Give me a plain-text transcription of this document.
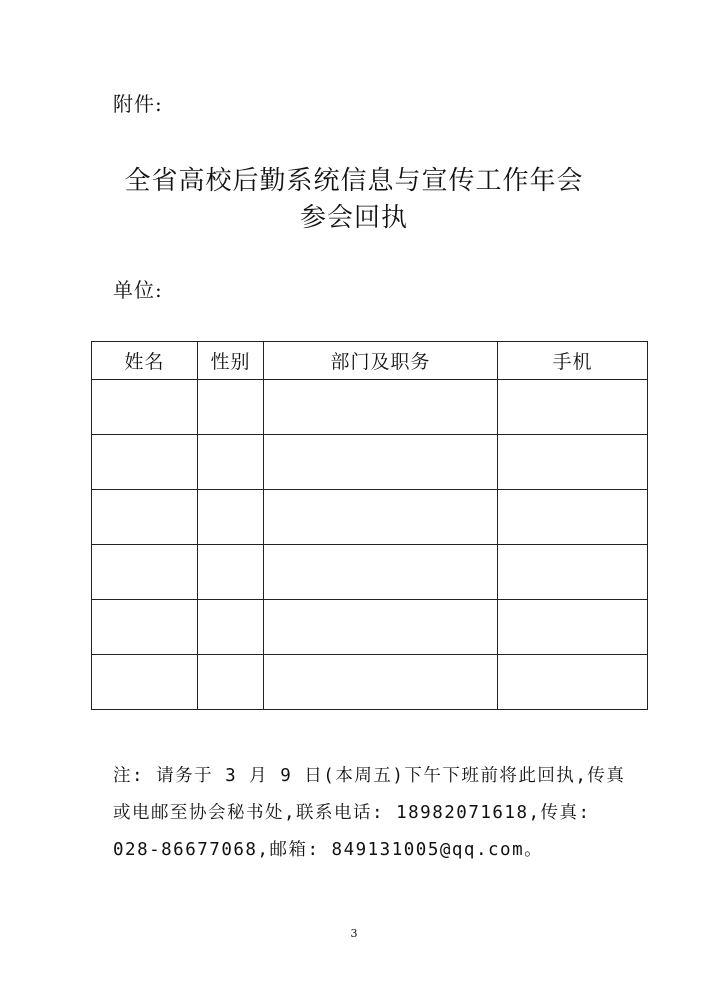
附件:
全省高校后勤系统信息与宣传工作年会
参会回执
单位:
姓名	性别	部门及职务	手机

注: 请务于 3 月 9 日(本周五)下午下班前将此回执,传真
或电邮至协会秘书处,联系电话: 18982071618,传真:
028-86677068,邮箱: 849131005@qq.com。
3
